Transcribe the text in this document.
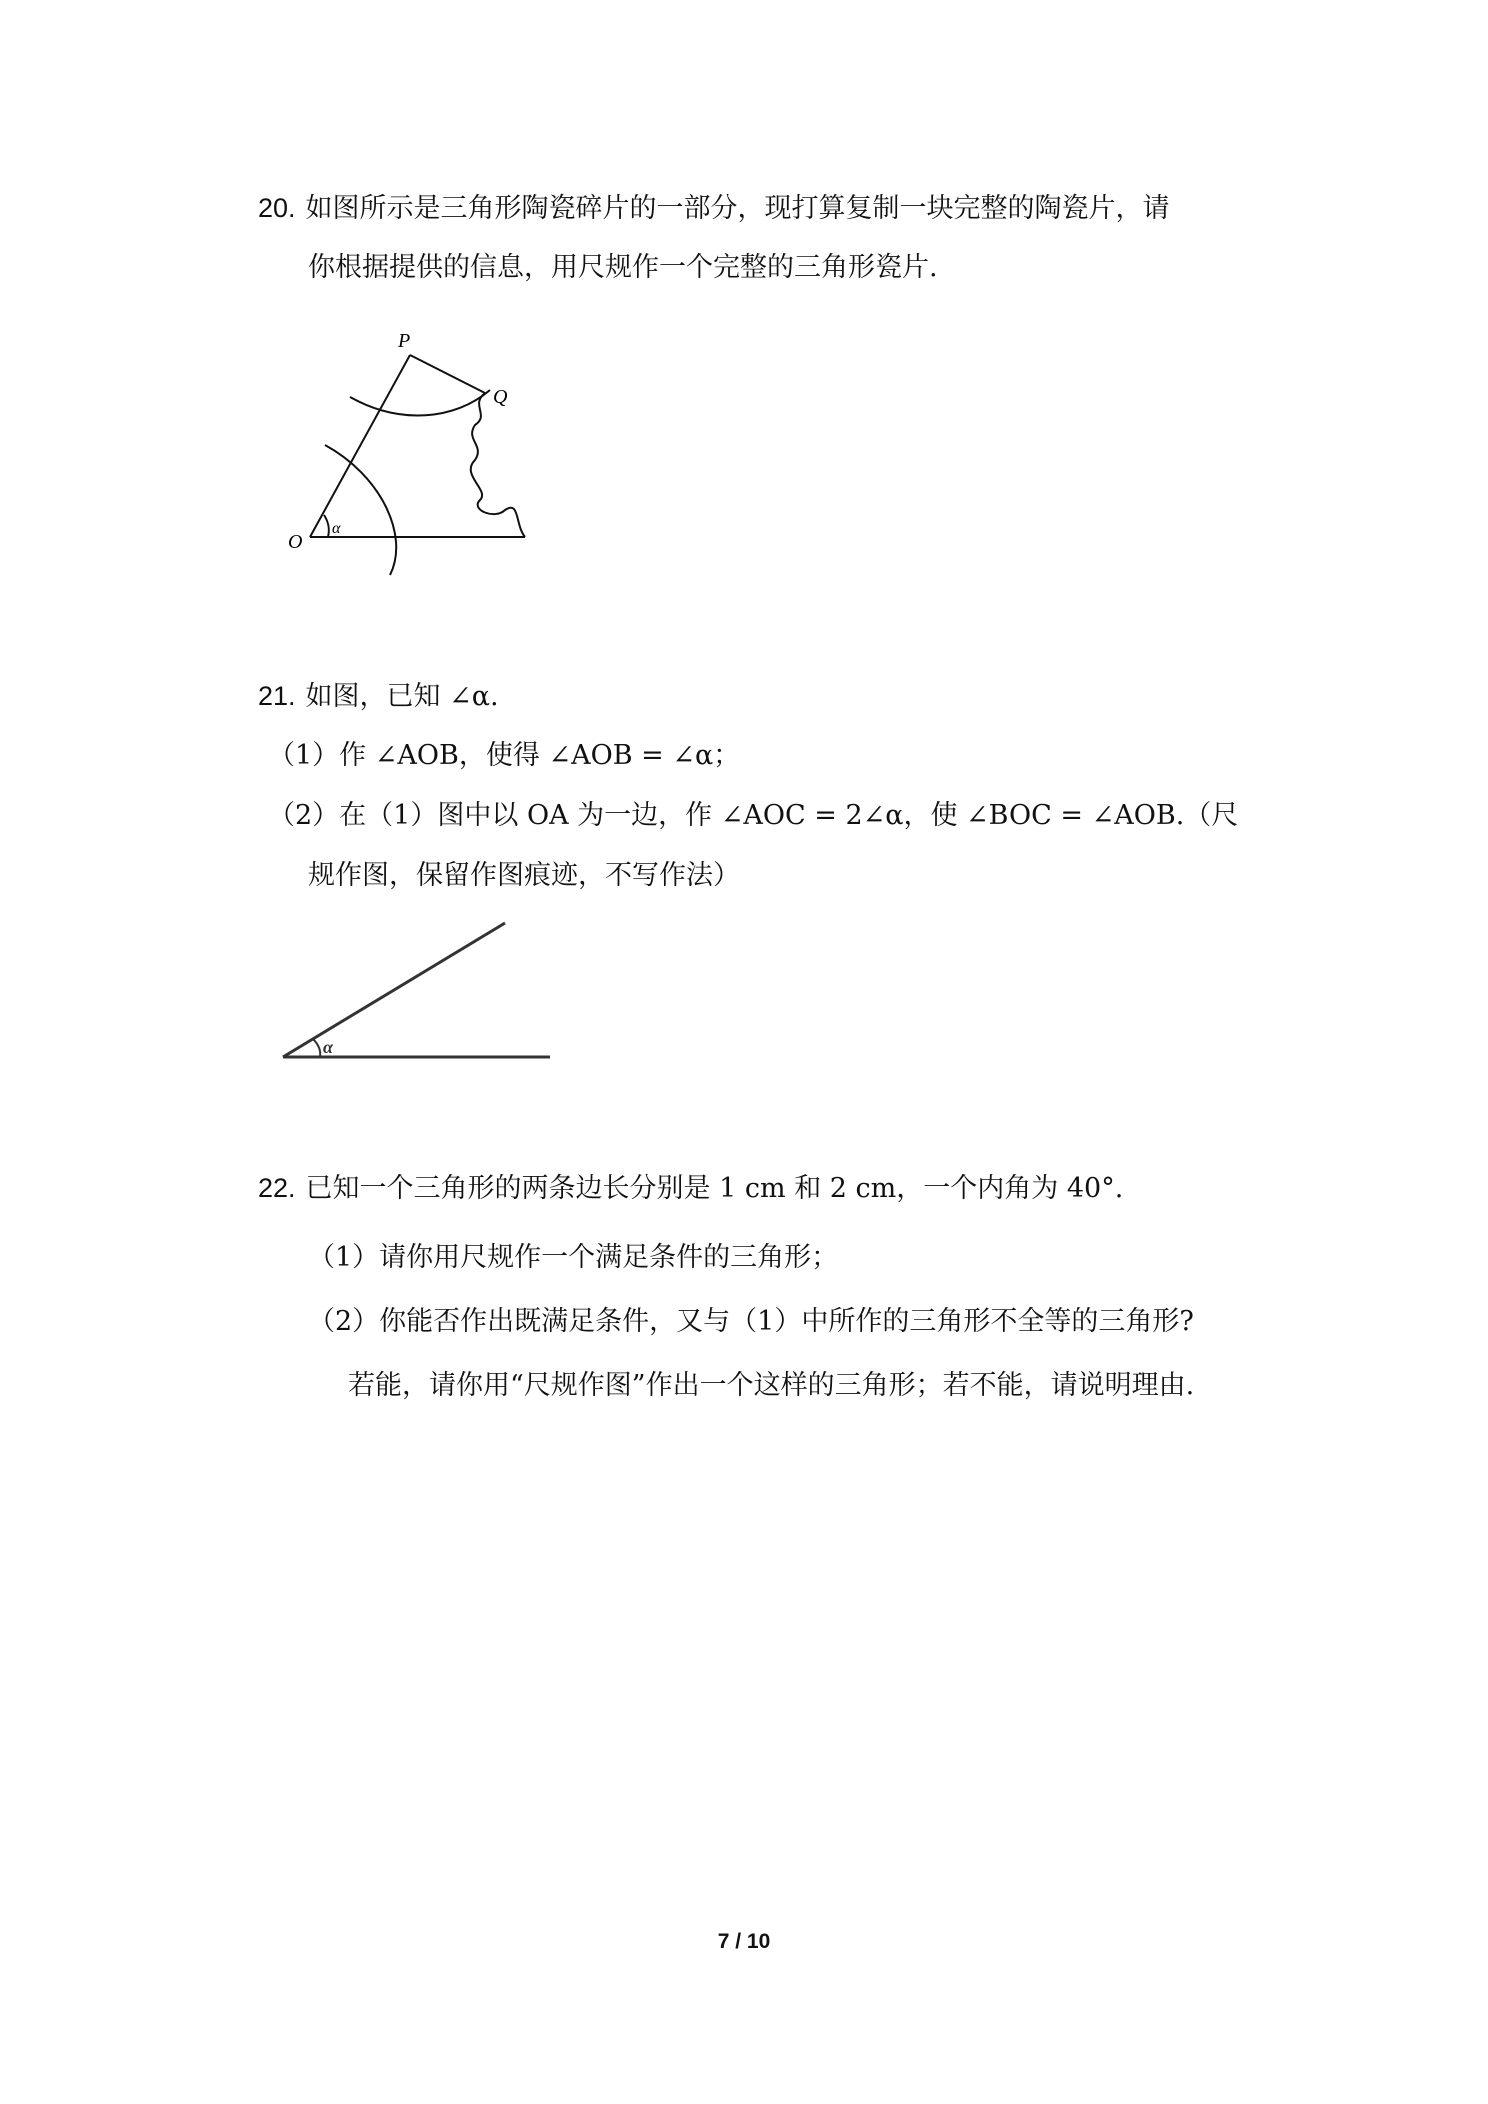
20. 如图所示是三角形陶瓷碎片的一部分，现打算复制一块完整的陶瓷片，请
你根据提供的信息，用尺规作一个完整的三角形瓷片.
P
Q
O
α
21. 如图，已知 ∠α.
（1）作 ∠AOB，使得 ∠AOB = ∠α；
（2）在（1）图中以 OA 为一边，作 ∠AOC = 2∠α，使 ∠BOC = ∠AOB.（尺
规作图，保留作图痕迹，不写作法）
α
22. 已知一个三角形的两条边长分别是 1 cm 和 2 cm，一个内角为 40°.
（1）请你用尺规作一个满足条件的三角形；
（2）你能否作出既满足条件，又与（1）中所作的三角形不全等的三角形?
若能，请你用“尺规作图”作出一个这样的三角形；若不能，请说明理由.
7 / 10
